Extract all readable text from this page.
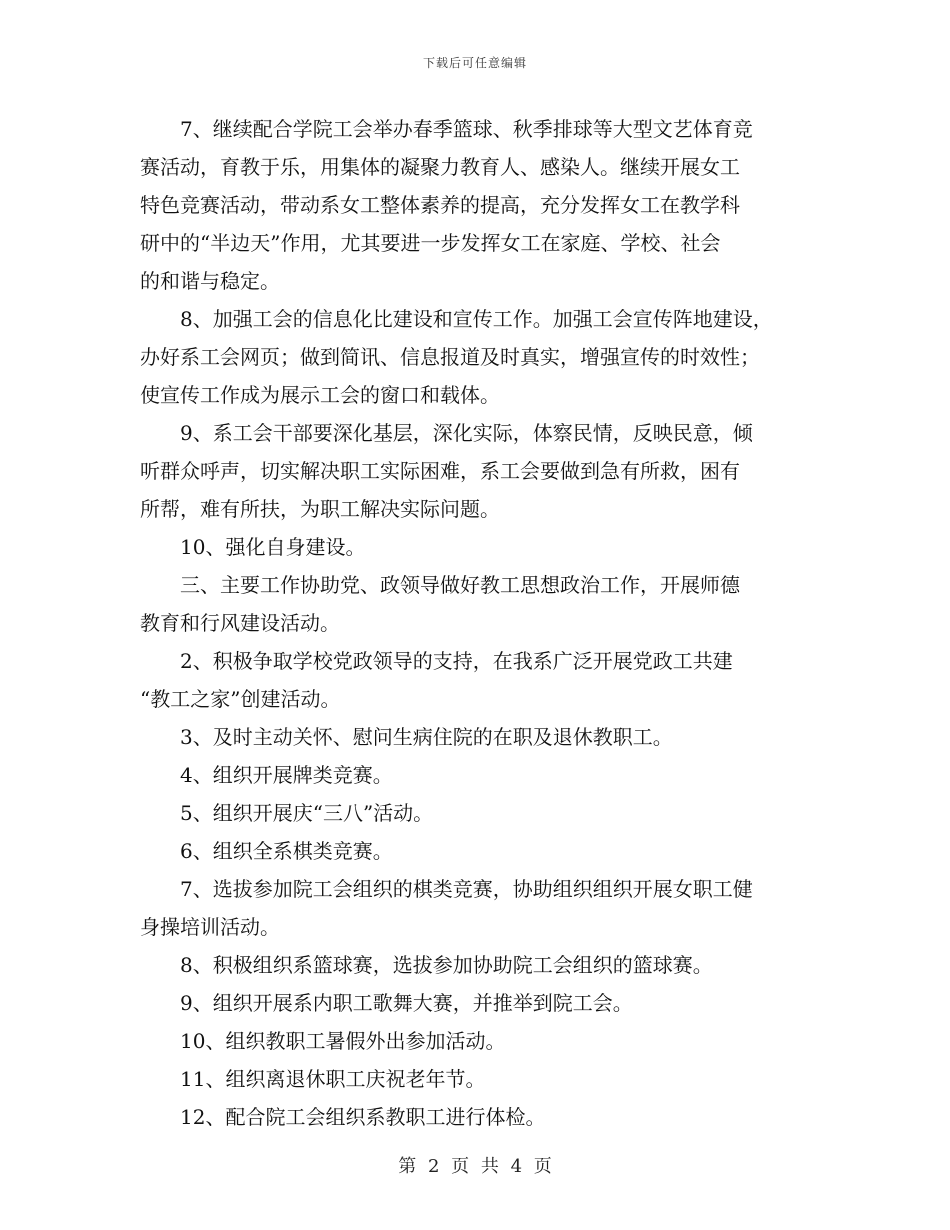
下载后可任意编辑

　　7、继续配合学院工会举办春季篮球、秋季排球等大型文艺体育竞

赛活动，育教于乐，用集体的凝聚力教育人、感染人。继续开展女工

特色竞赛活动，带动系女工整体素养的提高，充分发挥女工在教学科

研中的“半边天”作用，尤其要进一步发挥女工在家庭、学校、社会

的和谐与稳定。

　　8、加强工会的信息化比建设和宣传工作。加强工会宣传阵地建设，

办好系工会网页；做到简讯、信息报道及时真实，增强宣传的时效性；

使宣传工作成为展示工会的窗口和载体。

　　9、系工会干部要深化基层，深化实际，体察民情，反映民意，倾

听群众呼声，切实解决职工实际困难，系工会要做到急有所救，困有

所帮，难有所扶，为职工解决实际问题。

　　10、强化自身建设。

　　三、主要工作协助党、政领导做好教工思想政治工作，开展师德

教育和行风建设活动。

　　2、积极争取学校党政领导的支持，在我系广泛开展党政工共建

“教工之家”创建活动。

　　3、及时主动关怀、慰问生病住院的在职及退休教职工。

　　4、组织开展牌类竞赛。

　　5、组织开展庆“三八”活动。

　　6、组织全系棋类竞赛。

　　7、选拔参加院工会组织的棋类竞赛，协助组织组织开展女职工健

身操培训活动。

　　8、积极组织系篮球赛，选拔参加协助院工会组织的篮球赛。

　　9、组织开展系内职工歌舞大赛，并推举到院工会。

　　10、组织教职工暑假外出参加活动。

　　11、组织离退休职工庆祝老年节。

　　12、配合院工会组织系教职工进行体检。

第 2 页 共 4 页
